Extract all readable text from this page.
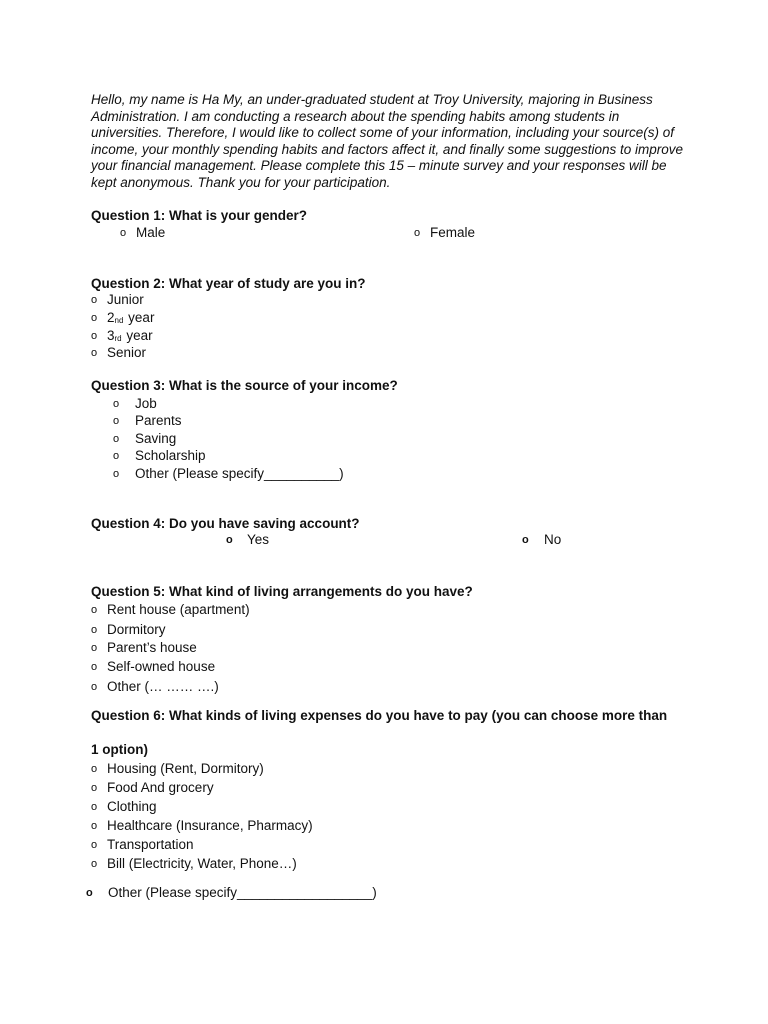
Hello, my name is Ha My, an under-graduated student at Troy University, majoring in Business Administration. I am conducting a research about the spending habits among students in universities. Therefore, I would like to collect some of your information, including your source(s) of income, your monthly spending habits and factors affect it, and finally some suggestions to improve your financial management. Please complete this 15 – minute survey and your responses will be kept anonymous. Thank you for your participation.

Question 1: What is your gender?

o Male	o Female

Question 2: What year of study are you in?

o Junior
o $2_{nd}$ year
o $3_{rd}$ year
o Senior

Question 3: What is the source of your income?

o Job
o Parents
o Saving
o Scholarship
o Other (Please specify__________)

Question 4: Do you have saving account?

o Yes	o No

Question 5: What kind of living arrangements do you have?

o Rent house (apartment)
o Dormitory
o Parent’s house
o Self-owned house
o Other (… …… ….)

Question 6: What kinds of living expenses do you have to pay (you can choose more than

1 option)

o Housing (Rent, Dormitory)
o Food And grocery
o Clothing
o Healthcare (Insurance, Pharmacy)
o Transportation
o Bill (Electricity, Water, Phone…)
o Other (Please specify__________________)
